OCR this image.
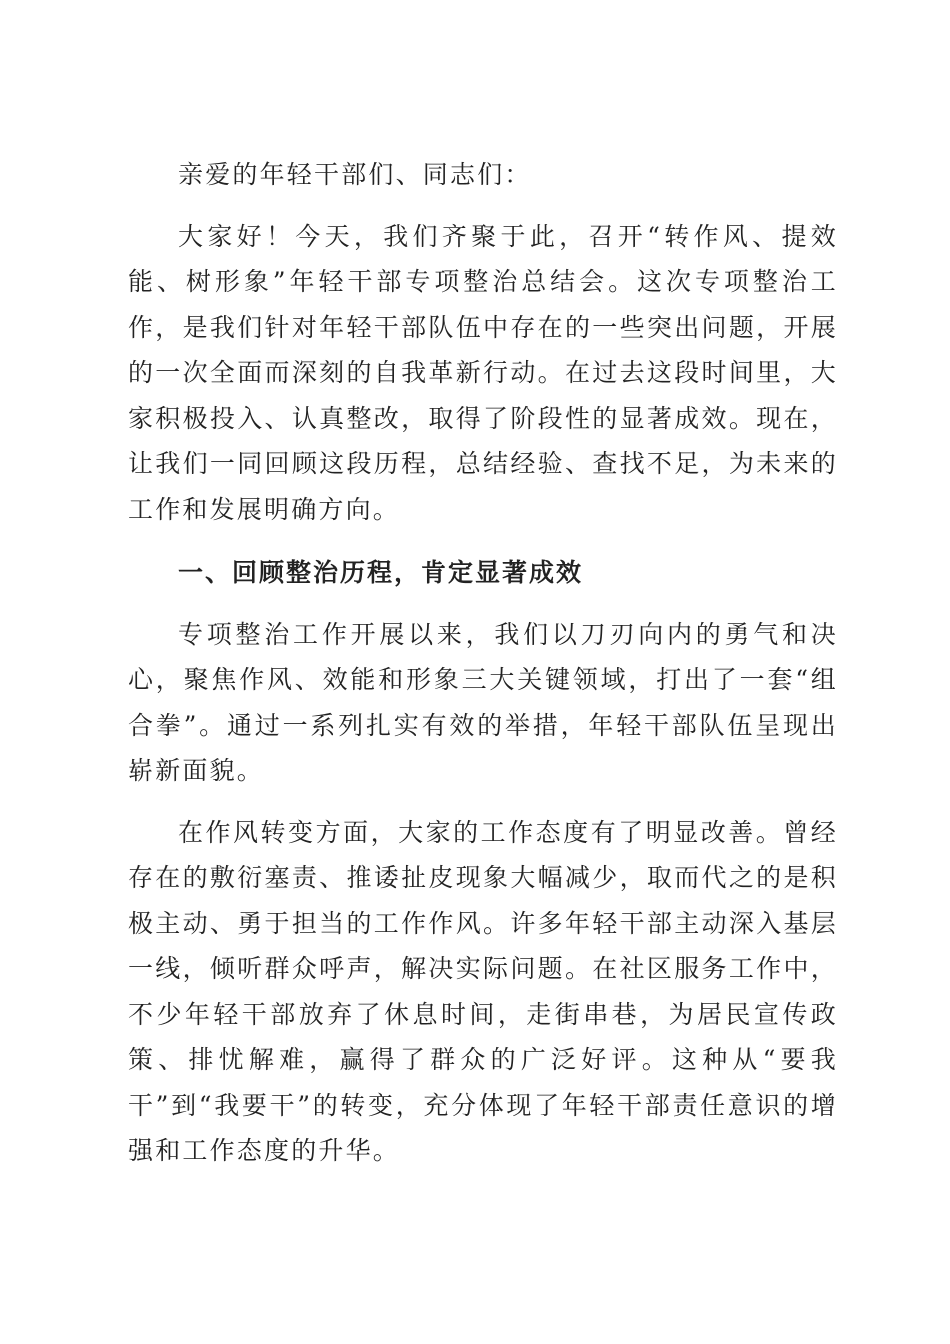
亲爱的年轻干部们、同志们：

大家好！今天，我们齐聚于此，召开“转作风、提效能、树形象”年轻干部专项整治总结会。这次专项整治工作，是我们针对年轻干部队伍中存在的一些突出问题，开展的一次全面而深刻的自我革新行动。在过去这段时间里，大家积极投入、认真整改，取得了阶段性的显著成效。现在，让我们一同回顾这段历程，总结经验、查找不足，为未来的工作和发展明确方向。

一、回顾整治历程，肯定显著成效

专项整治工作开展以来，我们以刀刃向内的勇气和决心，聚焦作风、效能和形象三大关键领域，打出了一套“组合拳”。通过一系列扎实有效的举措，年轻干部队伍呈现出崭新面貌。

在作风转变方面，大家的工作态度有了明显改善。曾经存在的敷衍塞责、推诿扯皮现象大幅减少，取而代之的是积极主动、勇于担当的工作作风。许多年轻干部主动深入基层一线，倾听群众呼声，解决实际问题。在社区服务工作中，不少年轻干部放弃了休息时间，走街串巷，为居民宣传政策、排忧解难，赢得了群众的广泛好评。这种从“要我干”到“我要干”的转变，充分体现了年轻干部责任意识的增强和工作态度的升华。
